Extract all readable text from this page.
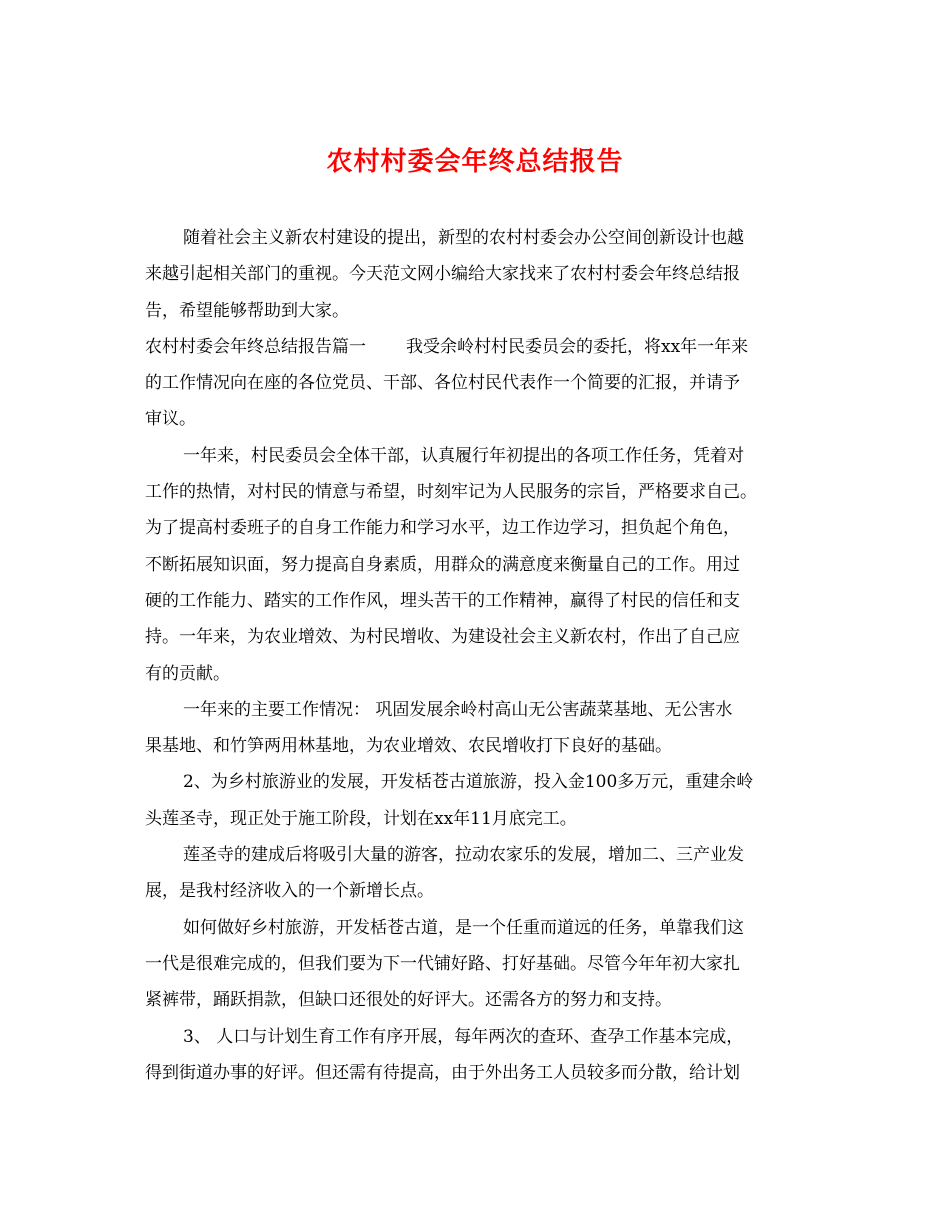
农村村委会年终总结报告
随着社会主义新农村建设的提出，新型的农村村委会办公空间创新设计也越
来越引起相关部门的重视。今天范文网小编给大家找来了农村村委会年终总结报
告，希望能够帮助到大家。
农村村委会年终总结报告篇一 我受余岭村村民委员会的委托，将xx年一年来
的工作情况向在座的各位党员、干部、各位村民代表作一个简要的汇报，并请予
审议。
一年来，村民委员会全体干部，认真履行年初提出的各项工作任务，凭着对
工作的热情，对村民的情意与希望，时刻牢记为人民服务的宗旨，严格要求自己。
为了提高村委班子的自身工作能力和学习水平，边工作边学习，担负起个角色，
不断拓展知识面，努力提高自身素质，用群众的满意度来衡量自己的工作。用过
硬的工作能力、踏实的工作作风，埋头苦干的工作精神，赢得了村民的信任和支
持。一年来，为农业增效、为村民增收、为建设社会主义新农村，作出了自己应
有的贡献。
一年来的主要工作情况： 巩固发展余岭村高山无公害蔬菜基地、无公害水
果基地、和竹笋两用林基地，为农业增效、农民增收打下良好的基础。
2、为乡村旅游业的发展，开发栝苍古道旅游，投入金100多万元，重建余岭
头莲圣寺，现正处于施工阶段，计划在xx年11月底完工。
莲圣寺的建成后将吸引大量的游客，拉动农家乐的发展，增加二、三产业发
展，是我村经济收入的一个新增长点。
如何做好乡村旅游，开发栝苍古道，是一个任重而道远的任务，单靠我们这
一代是很难完成的，但我们要为下一代铺好路、打好基础。尽管今年年初大家扎
紧裤带，踊跃捐款，但缺口还很处的好评大。还需各方的努力和支持。
3、 人口与计划生育工作有序开展，每年两次的查环、查孕工作基本完成，
得到街道办事的好评。但还需有待提高，由于外出务工人员较多而分散，给计划
